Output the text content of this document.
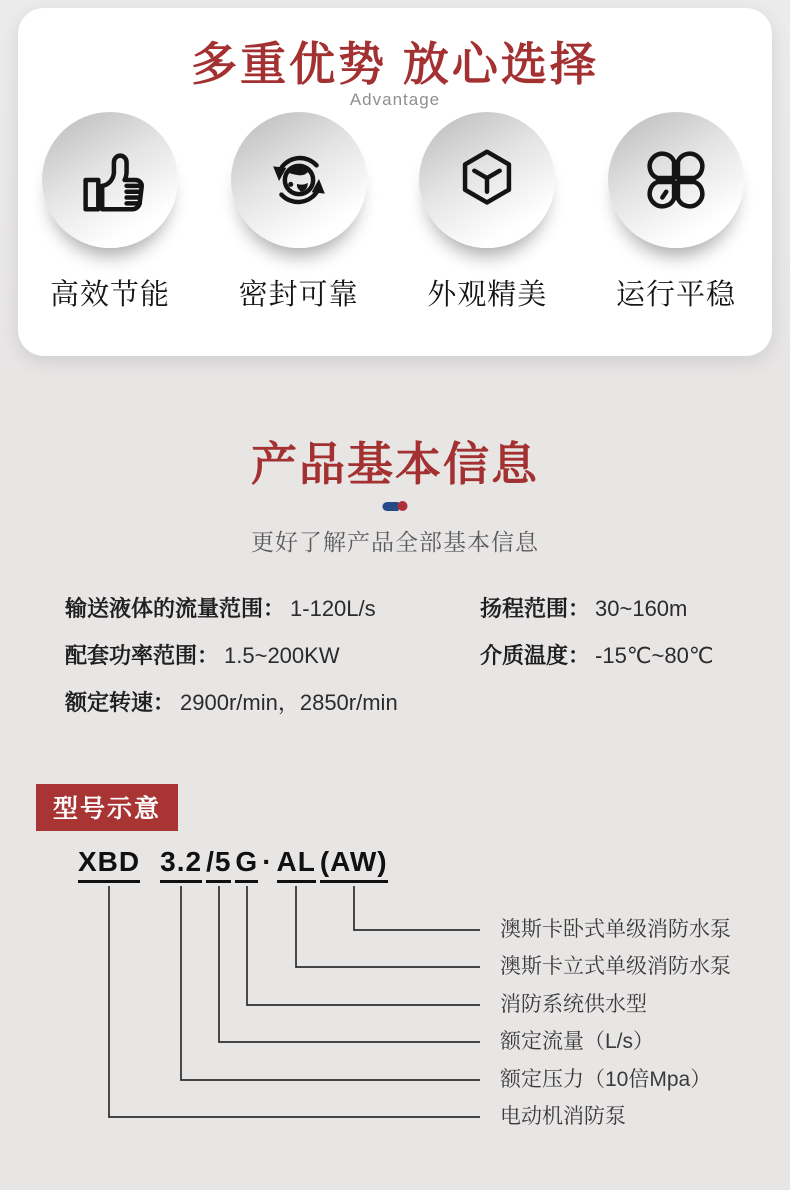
多重优势 放心选择
Advantage
高效节能 密封可靠 外观精美 运行平稳
产品基本信息
更好了解产品全部基本信息
输送液体的流量范围： 1-120L/s
配套功率范围： 1.5~200KW
额定转速： 2900r/min，2850r/min
扬程范围： 30~160m
介质温度： -15℃~80℃
型号示意
XBD 3.2 /5 G · AL (AW)
澳斯卡卧式单级消防水泵
澳斯卡立式单级消防水泵
消防系统供水型
额定流量（L/s）
额定压力（10倍Mpa）
电动机消防泵
